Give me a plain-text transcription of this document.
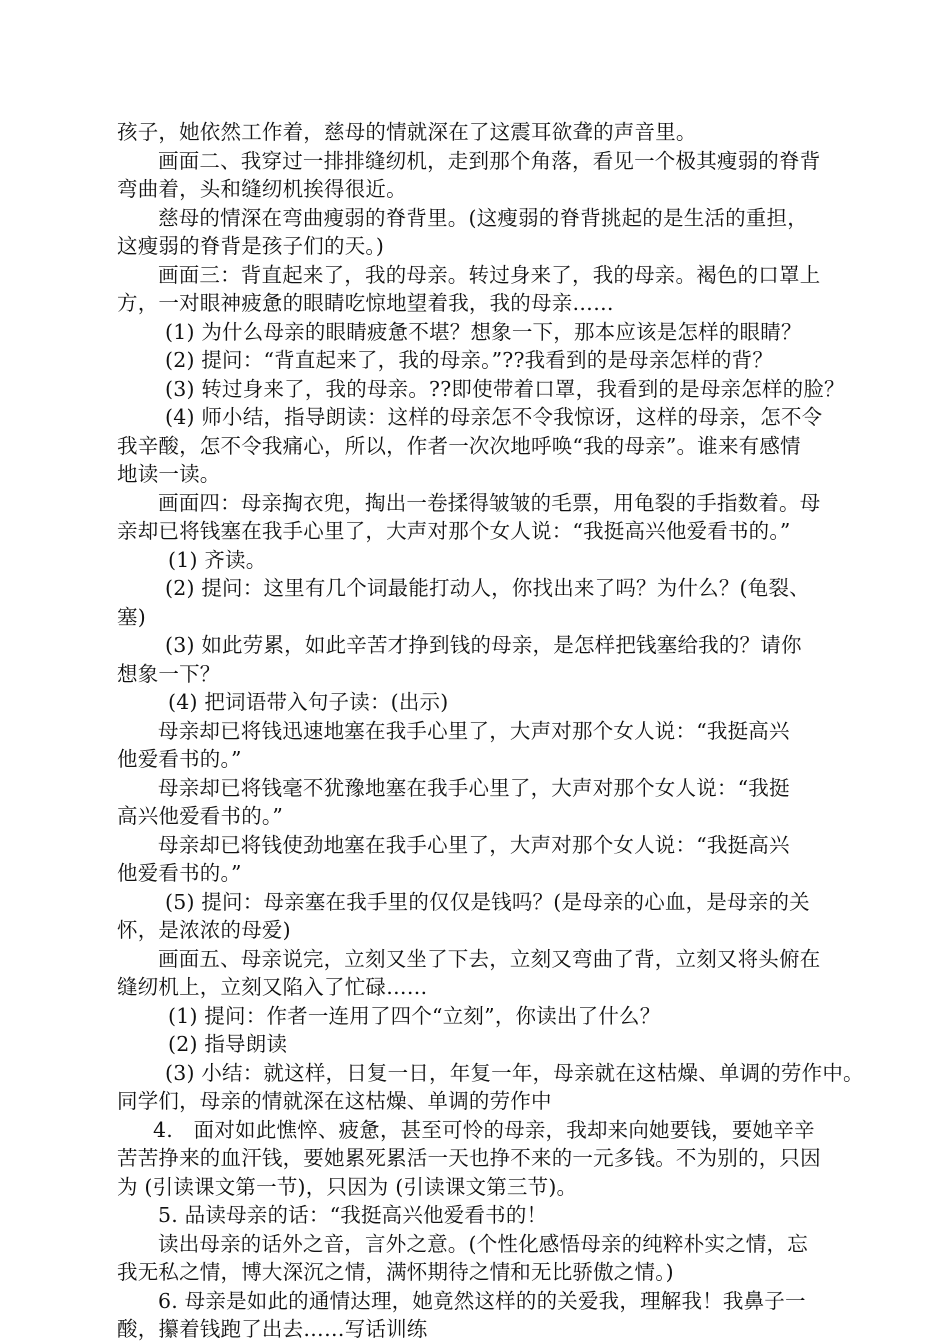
孩子，她依然工作着，慈母的情就深在了这震耳欲聋的声音里。
画面二、我穿过一排排缝纫机，走到那个角落，看见一个极其瘦弱的脊背
弯曲着，头和缝纫机挨得很近。
慈母的情深在弯曲瘦弱的脊背里。(这瘦弱的脊背挑起的是生活的重担，
这瘦弱的脊背是孩子们的天。)
画面三：背直起来了，我的母亲。转过身来了，我的母亲。褐色的口罩上
方，一对眼神疲惫的眼睛吃惊地望着我，我的母亲……
(1) 为什么母亲的眼睛疲惫不堪？想象一下，那本应该是怎样的眼睛？
(2) 提问：“背直起来了，我的母亲。”??我看到的是母亲怎样的背？
(3) 转过身来了，我的母亲。??即使带着口罩，我看到的是母亲怎样的脸？
(4) 师小结，指导朗读：这样的母亲怎不令我惊讶，这样的母亲，怎不令
我辛酸，怎不令我痛心，所以，作者一次次地呼唤“我的母亲”。谁来有感情
地读一读。
画面四：母亲掏衣兜，掏出一卷揉得皱皱的毛票，用龟裂的手指数着。母
亲却已将钱塞在我手心里了，大声对那个女人说：“我挺高兴他爱看书的。”
(1) 齐读。
(2) 提问：这里有几个词最能打动人，你找出来了吗？为什么？(龟裂、
塞)
(3) 如此劳累，如此辛苦才挣到钱的母亲，是怎样把钱塞给我的？请你
想象一下？
(4) 把词语带入句子读：(出示)
母亲却已将钱迅速地塞在我手心里了，大声对那个女人说：“我挺高兴
他爱看书的。”
母亲却已将钱毫不犹豫地塞在我手心里了，大声对那个女人说：“我挺
高兴他爱看书的。”
母亲却已将钱使劲地塞在我手心里了，大声对那个女人说：“我挺高兴
他爱看书的。”
(5) 提问：母亲塞在我手里的仅仅是钱吗？(是母亲的心血，是母亲的关
怀，是浓浓的母爱)
画面五、母亲说完，立刻又坐了下去，立刻又弯曲了背，立刻又将头俯在
缝纫机上，立刻又陷入了忙碌……
(1) 提问：作者一连用了四个“立刻”，你读出了什么？
(2) 指导朗读
(3) 小结：就这样，日复一日，年复一年，母亲就在这枯燥、单调的劳作中。
同学们，母亲的情就深在这枯燥、单调的劳作中
4.　面对如此憔悴、疲惫，甚至可怜的母亲，我却来向她要钱，要她辛辛
苦苦挣来的血汗钱，要她累死累活一天也挣不来的一元多钱。不为别的，只因
为 (引读课文第一节)，只因为 (引读课文第三节)。
5. 品读母亲的话：“我挺高兴他爱看书的！
读出母亲的话外之音，言外之意。(个性化感悟母亲的纯粹朴实之情，忘
我无私之情，博大深沉之情，满怀期待之情和无比骄傲之情。)
6. 母亲是如此的通情达理，她竟然这样的的关爱我，理解我！我鼻子一
酸，攥着钱跑了出去……写话训练
